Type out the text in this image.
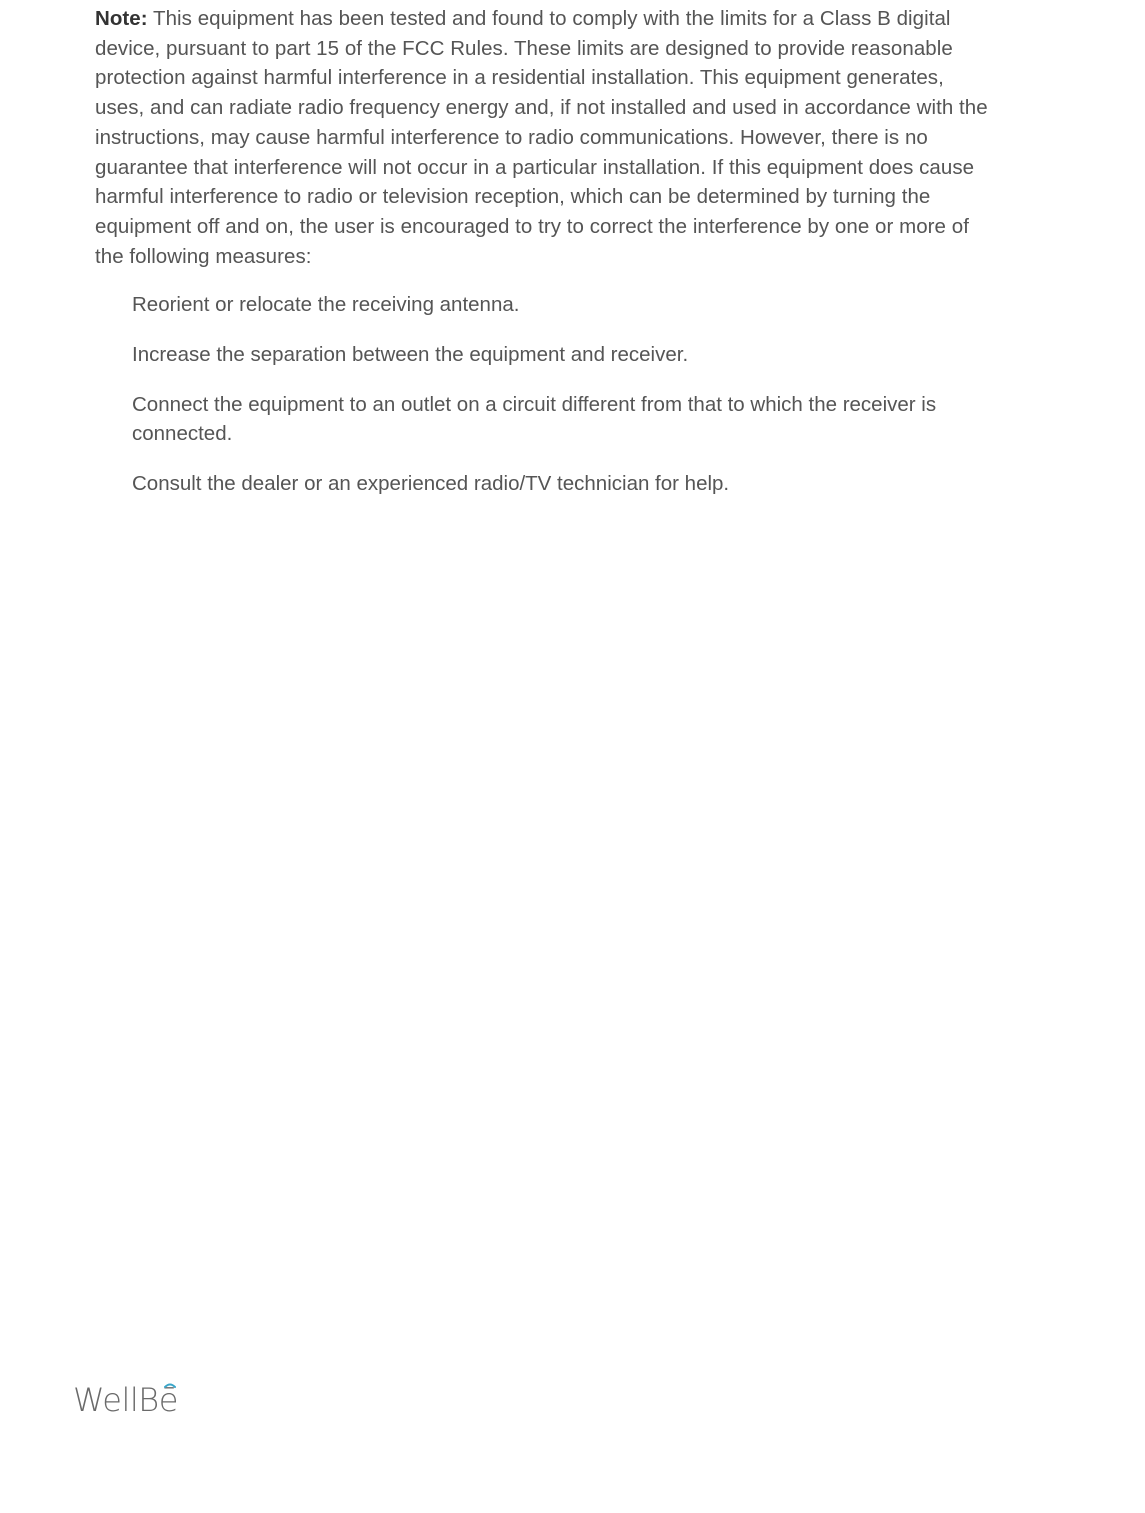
Note: This equipment has been tested and found to comply with the limits for a Class B digital device, pursuant to part 15 of the FCC Rules. These limits are designed to provide reasonable protection against harmful interference in a residential installation. This equipment generates, uses, and can radiate radio frequency energy and, if not installed and used in accordance with the instructions, may cause harmful interference to radio communications. However, there is no guarantee that interference will not occur in a particular installation. If this equipment does cause harmful interference to radio or television reception, which can be determined by turning the equipment off and on, the user is encouraged to try to correct the interference by one or more of the following measures:

Reorient or relocate the receiving antenna.
Increase the separation between the equipment and receiver.
Connect the equipment to an outlet on a circuit different from that to which the receiver is connected.
Consult the dealer or an experienced radio/TV technician for help.
WellBē
